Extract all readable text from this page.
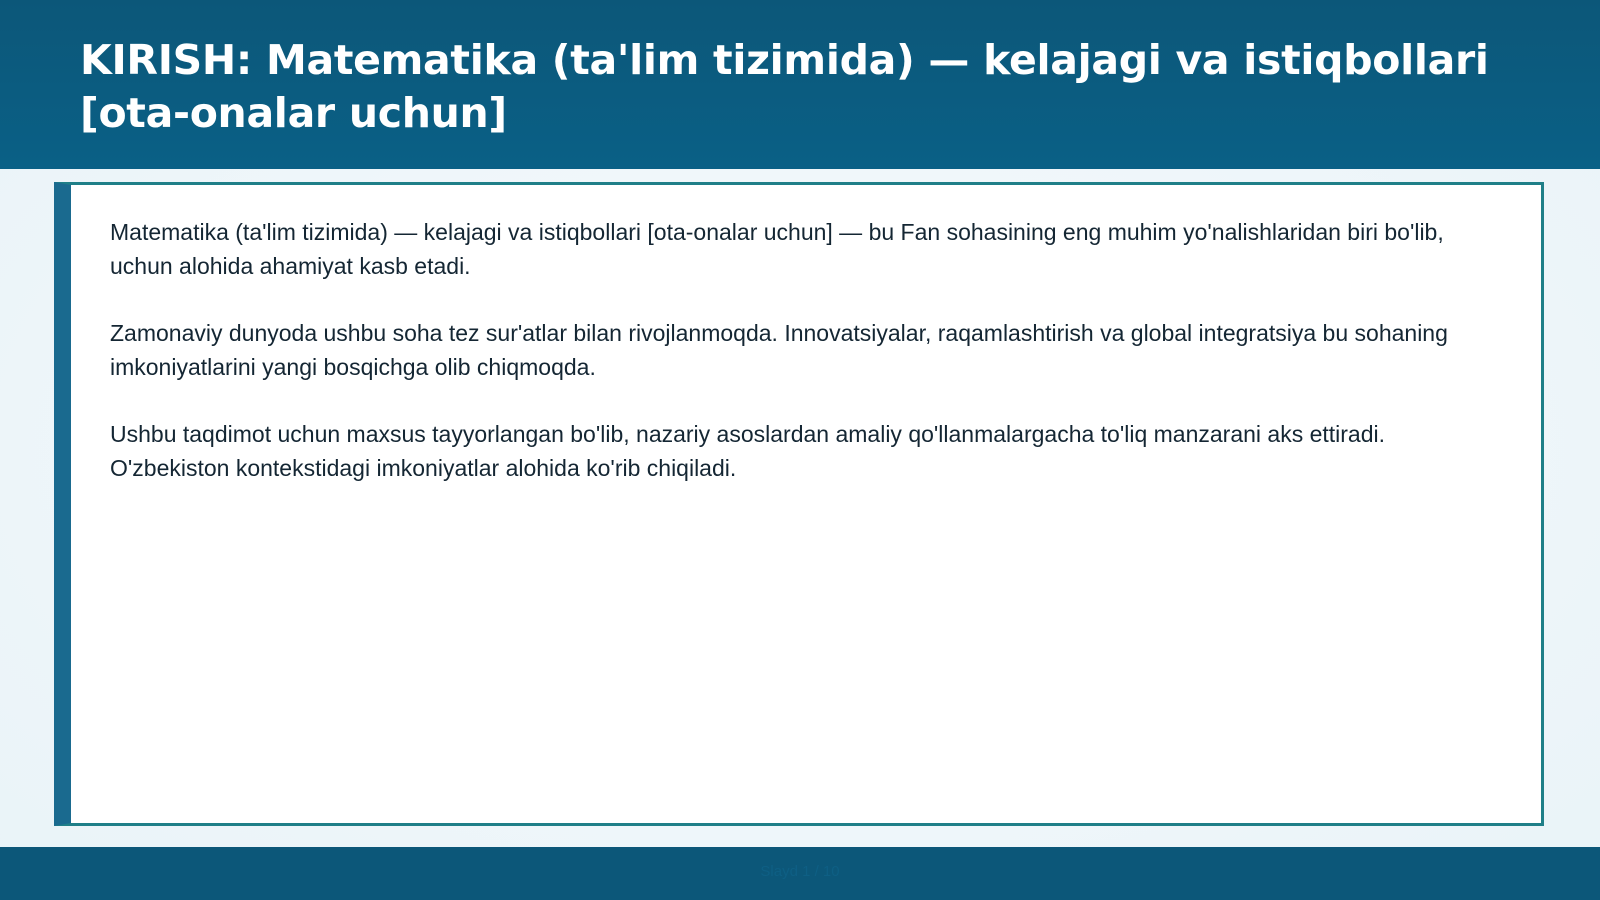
KIRISH: Matematika (ta'lim tizimida) — kelajagi va istiqbollari [ota-onalar uchun]

Matematika (ta'lim tizimida) — kelajagi va istiqbollari [ota-onalar uchun] — bu Fan sohasining eng muhim yo'nalishlaridan biri bo'lib, uchun alohida ahamiyat kasb etadi.

Zamonaviy dunyoda ushbu soha tez sur'atlar bilan rivojlanmoqda. Innovatsiyalar, raqamlashtirish va global integratsiya bu sohaning imkoniyatlarini yangi bosqichga olib chiqmoqda.

Ushbu taqdimot uchun maxsus tayyorlangan bo'lib, nazariy asoslardan amaliy qo'llanmalargacha to'liq manzarani aks ettiradi. O'zbekiston kontekstidagi imkoniyatlar alohida ko'rib chiqiladi.

Slayd 1 / 10
